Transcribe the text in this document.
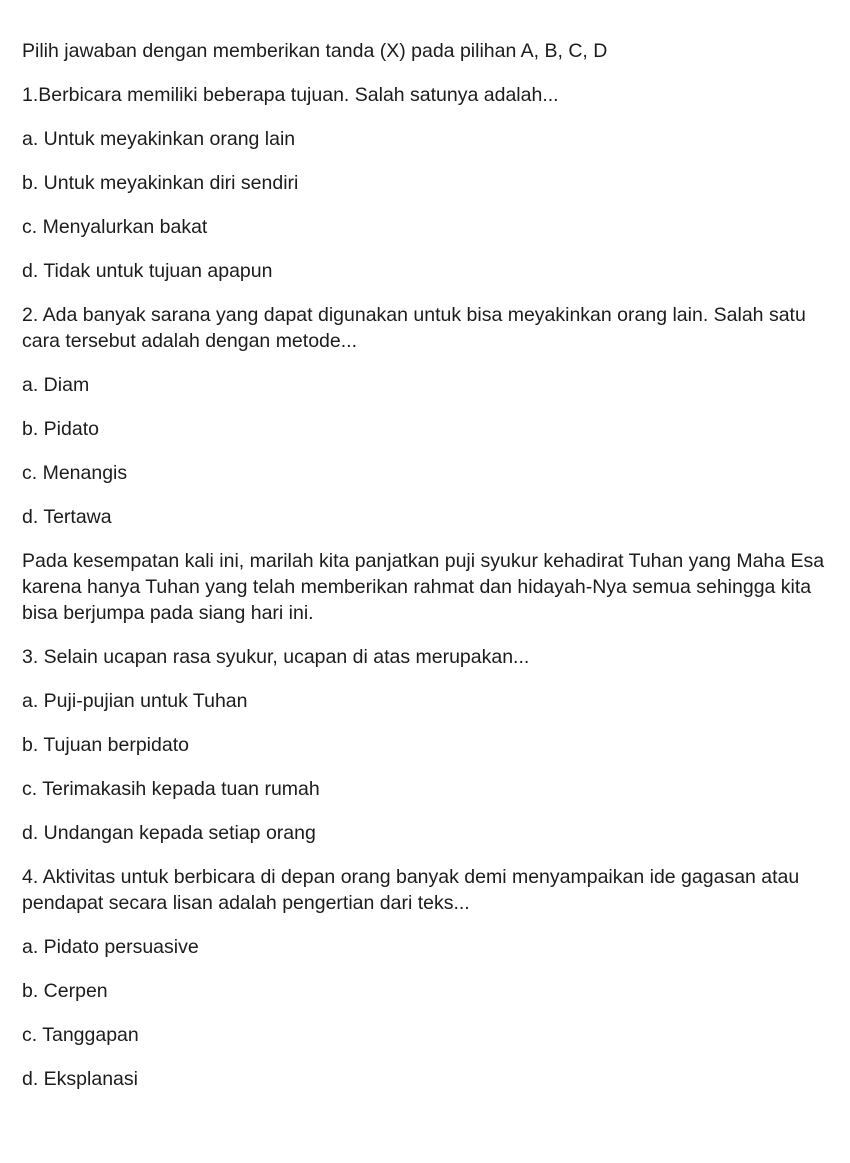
Pilih jawaban dengan memberikan tanda (X) pada pilihan A, B, C, D
1.Berbicara memiliki beberapa tujuan. Salah satunya adalah...
a. Untuk meyakinkan orang lain
b. Untuk meyakinkan diri sendiri
c. Menyalurkan bakat
d. Tidak untuk tujuan apapun
2. Ada banyak sarana yang dapat digunakan untuk bisa meyakinkan orang lain. Salah satu cara tersebut adalah dengan metode...
a. Diam
b. Pidato
c. Menangis
d. Tertawa
Pada kesempatan kali ini, marilah kita panjatkan puji syukur kehadirat Tuhan yang Maha Esa karena hanya Tuhan yang telah memberikan rahmat dan hidayah-Nya semua sehingga kita bisa berjumpa pada siang hari ini.
3. Selain ucapan rasa syukur, ucapan di atas merupakan...
a. Puji-pujian untuk Tuhan
b. Tujuan berpidato
c. Terimakasih kepada tuan rumah
d. Undangan kepada setiap orang
4. Aktivitas untuk berbicara di depan orang banyak demi menyampaikan ide gagasan atau pendapat secara lisan adalah pengertian dari teks...
a. Pidato persuasive
b. Cerpen
c. Tanggapan
d. Eksplanasi
